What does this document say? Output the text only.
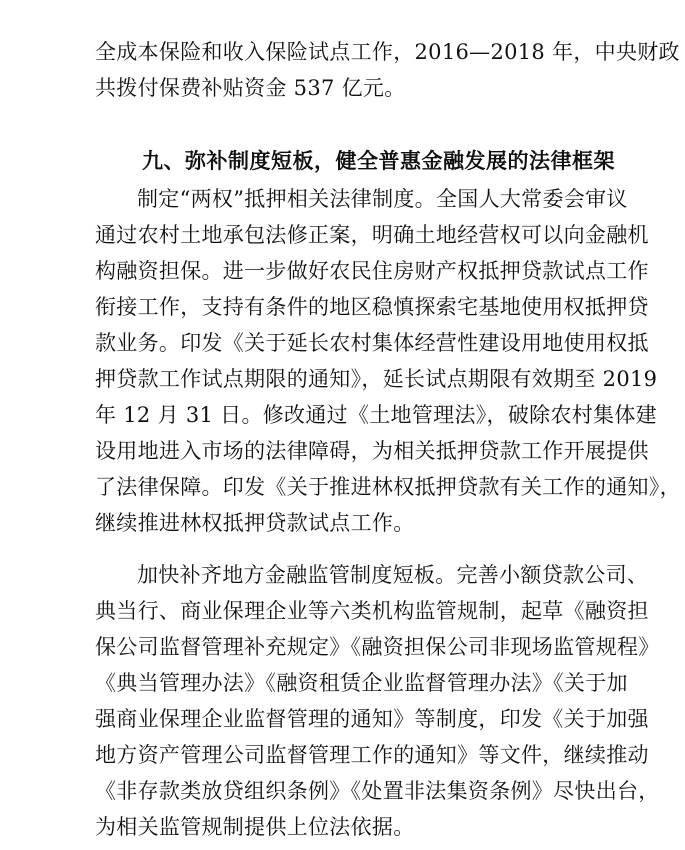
全成本保险和收入保险试点工作，2016—2018 年，中央财政
共拨付保费补贴资金 537 亿元。
九、弥补制度短板，健全普惠金融发展的法律框架
制定“两权”抵押相关法律制度。全国人大常委会审议
通过农村土地承包法修正案，明确土地经营权可以向金融机
构融资担保。进一步做好农民住房财产权抵押贷款试点工作
衔接工作，支持有条件的地区稳慎探索宅基地使用权抵押贷
款业务。印发《关于延长农村集体经营性建设用地使用权抵
押贷款工作试点期限的通知》，延长试点期限有效期至 2019
年 12 月 31 日。修改通过《土地管理法》，破除农村集体建
设用地进入市场的法律障碍，为相关抵押贷款工作开展提供
了法律保障。印发《关于推进林权抵押贷款有关工作的通知》，
继续推进林权抵押贷款试点工作。
加快补齐地方金融监管制度短板。完善小额贷款公司、
典当行、商业保理企业等六类机构监管规制，起草《融资担
保公司监督管理补充规定》《融资担保公司非现场监管规程》
《典当管理办法》《融资租赁企业监督管理办法》《关于加
强商业保理企业监督管理的通知》等制度，印发《关于加强
地方资产管理公司监督管理工作的通知》等文件，继续推动
《非存款类放贷组织条例》《处置非法集资条例》尽快出台，
为相关监管规制提供上位法依据。
